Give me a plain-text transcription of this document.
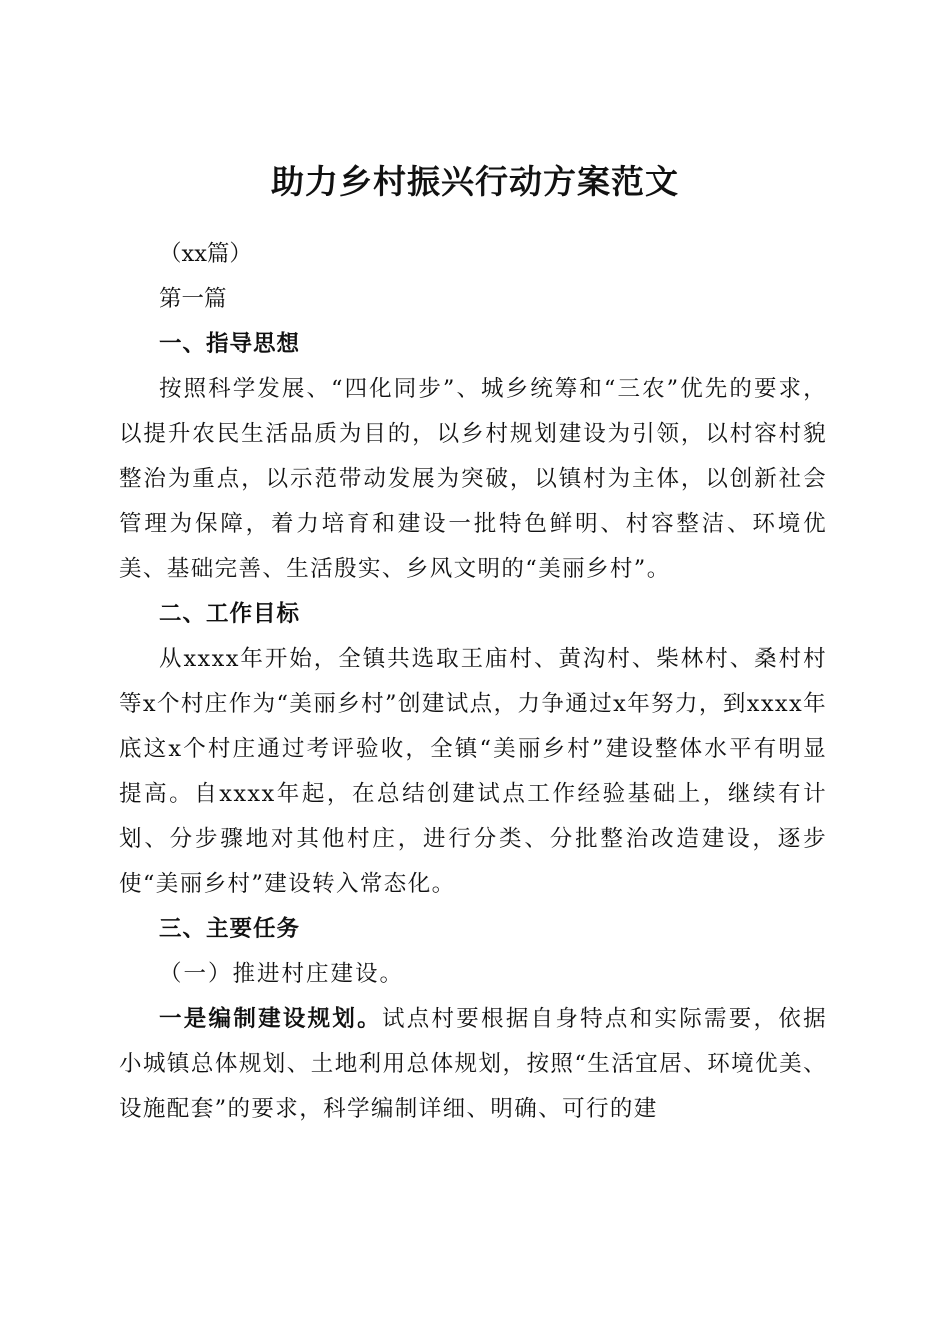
助力乡村振兴行动方案范文

（xx篇）

第一篇

一、指导思想

按照科学发展、“四化同步”、城乡统筹和“三农”优先的要求，以提升农民生活品质为目的，以乡村规划建设为引领，以村容村貌整治为重点，以示范带动发展为突破，以镇村为主体，以创新社会管理为保障，着力培育和建设一批特色鲜明、村容整洁、环境优美、基础完善、生活殷实、乡风文明的“美丽乡村”。

二、工作目标

从xxxx年开始，全镇共选取王庙村、黄沟村、柴林村、桑村村等x个村庄作为“美丽乡村”创建试点，力争通过x年努力，到xxxx年底这x个村庄通过考评验收，全镇“美丽乡村”建设整体水平有明显提高。自xxxx年起，在总结创建试点工作经验基础上，继续有计划、分步骤地对其他村庄，进行分类、分批整治改造建设，逐步使“美丽乡村”建设转入常态化。

三、主要任务

（一）推进村庄建设。

一是编制建设规划。试点村要根据自身特点和实际需要，依据小城镇总体规划、土地利用总体规划，按照“生活宜居、环境优美、设施配套”的要求，科学编制详细、明确、可行的建
